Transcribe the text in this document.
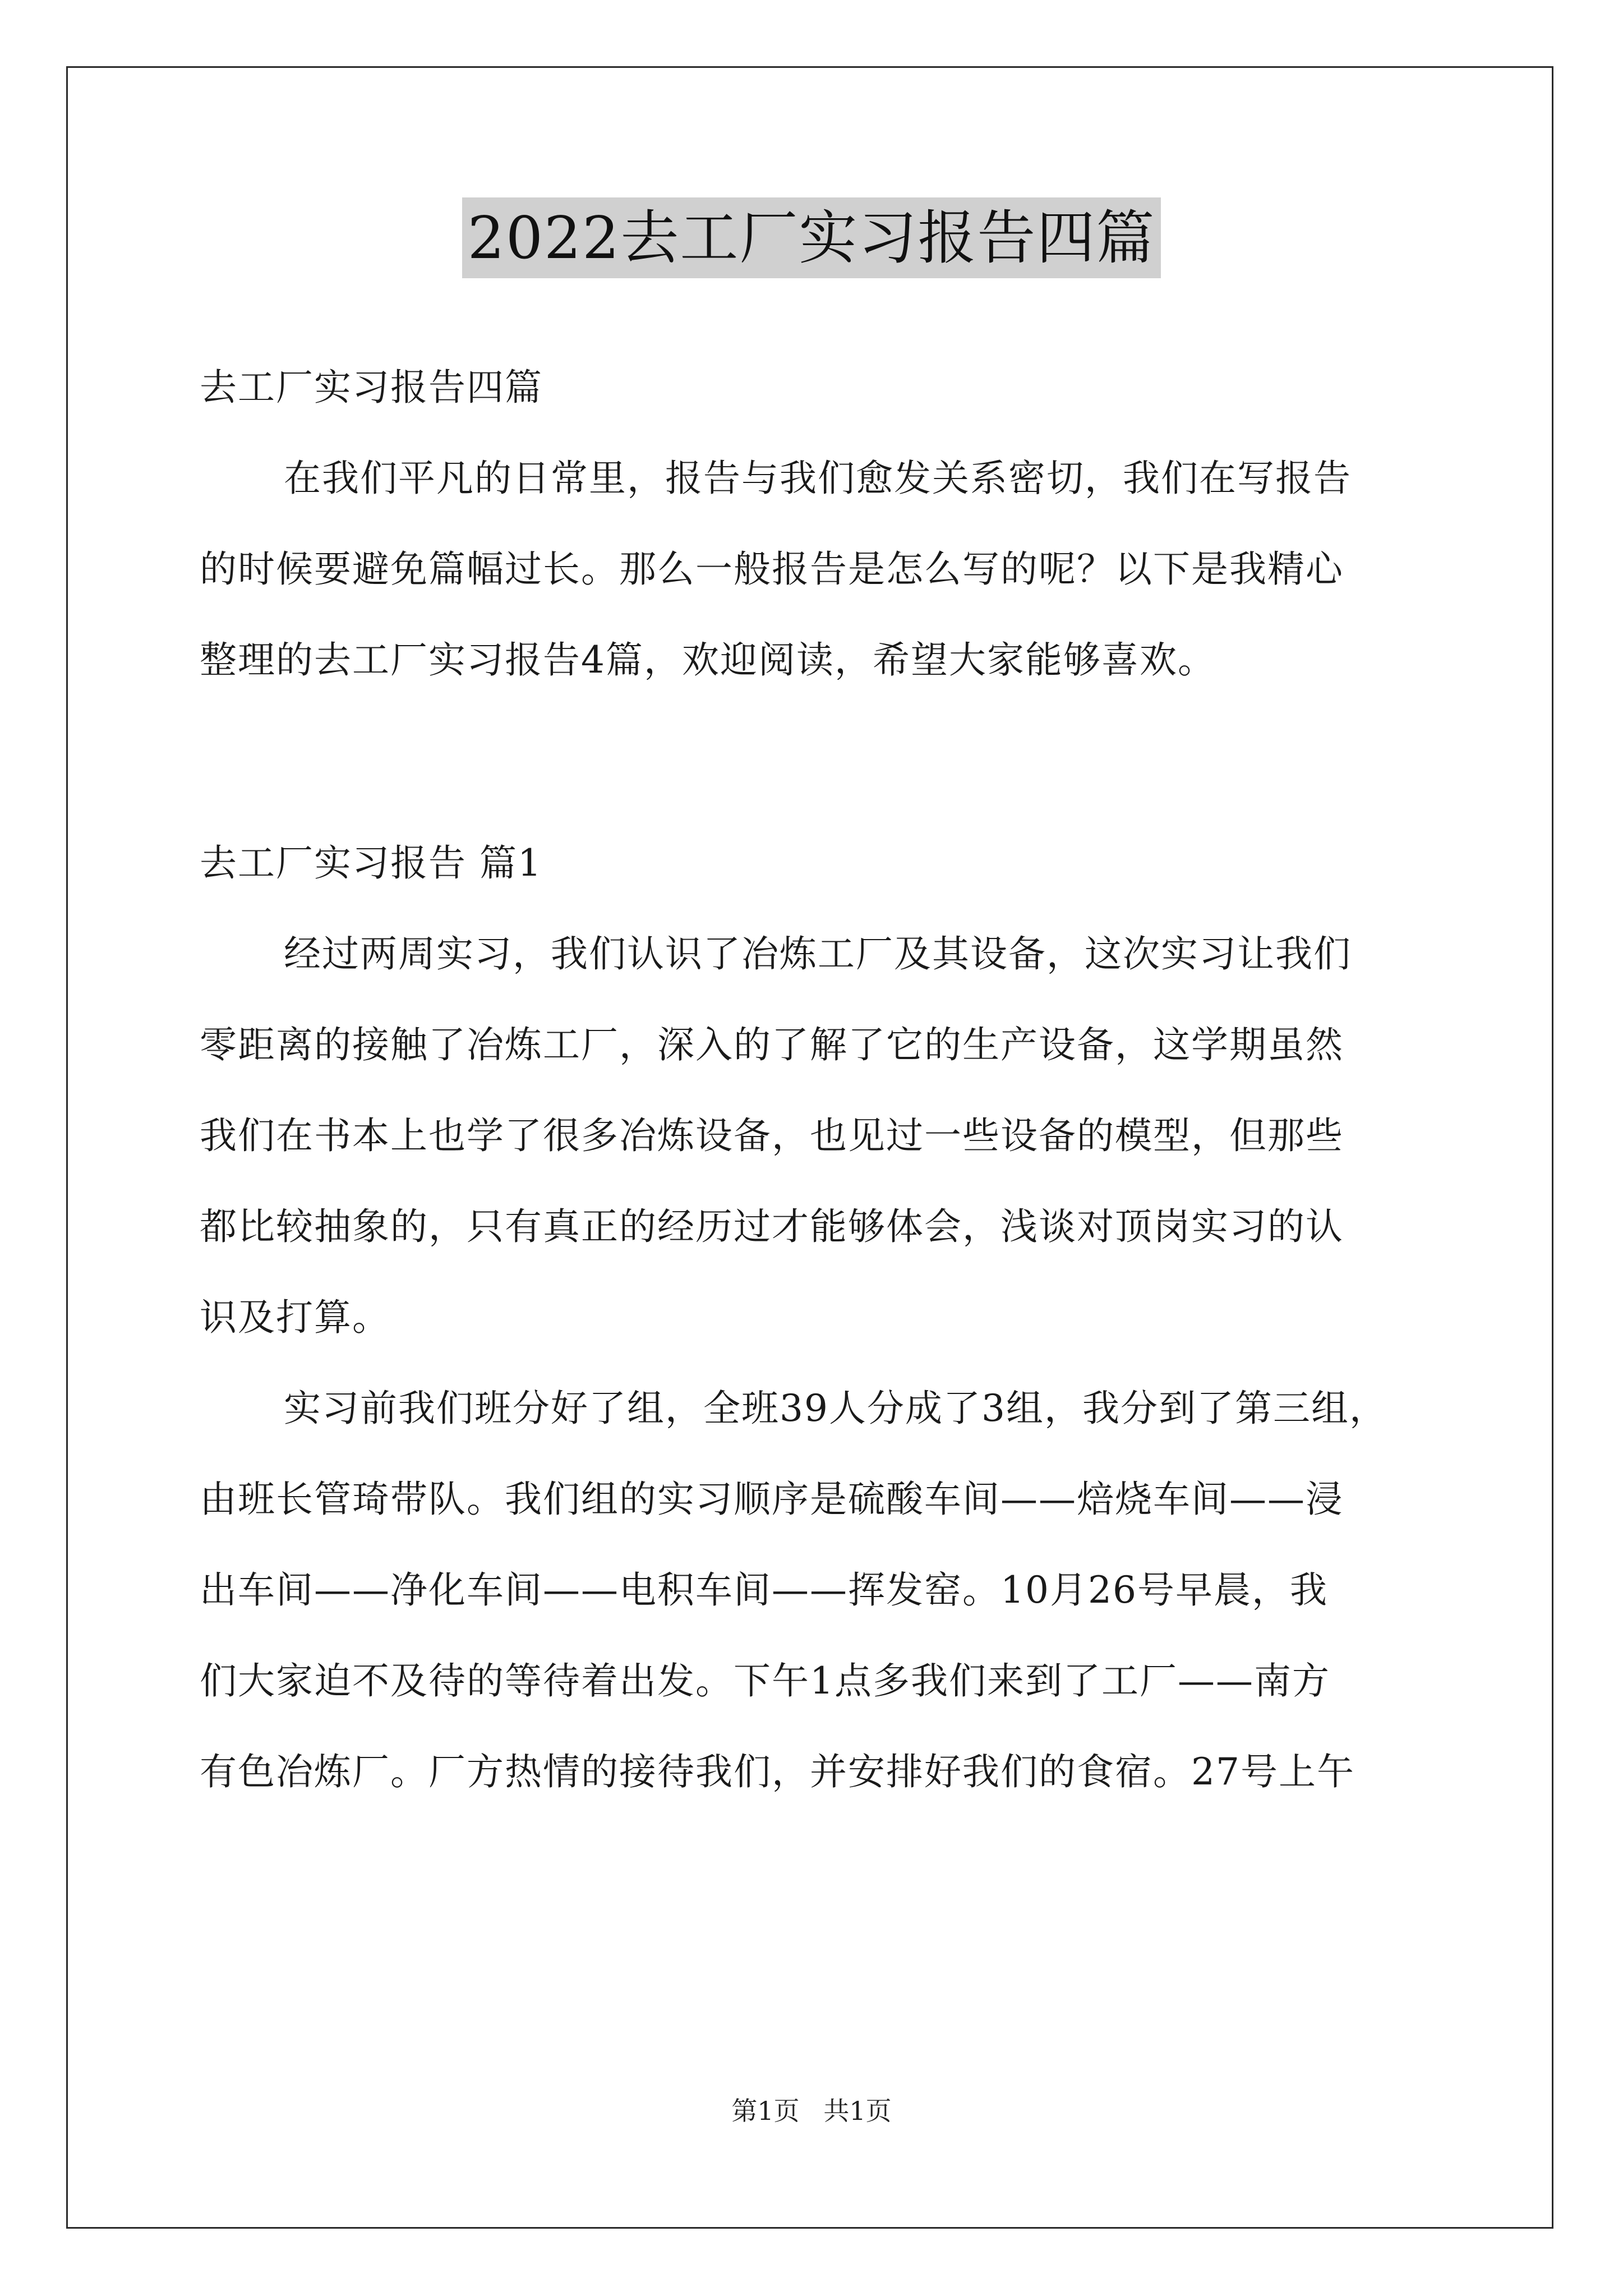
2022去工厂实习报告四篇
去工厂实习报告四篇
在我们平凡的日常里，报告与我们愈发关系密切，我们在写报告
的时候要避免篇幅过长。那么一般报告是怎么写的呢？以下是我精心
整理的去工厂实习报告4篇，欢迎阅读，希望大家能够喜欢。
去工厂实习报告 篇1
经过两周实习，我们认识了冶炼工厂及其设备，这次实习让我们
零距离的接触了冶炼工厂，深入的了解了它的生产设备，这学期虽然
我们在书本上也学了很多冶炼设备，也见过一些设备的模型，但那些
都比较抽象的，只有真正的经历过才能够体会，浅谈对顶岗实习的认
识及打算。
实习前我们班分好了组，全班39人分成了3组，我分到了第三组，
由班长管琦带队。我们组的实习顺序是硫酸车间——焙烧车间——浸
出车间——净化车间——电积车间——挥发窑。10月26号早晨，我
们大家迫不及待的等待着出发。下午1点多我们来到了工厂——南方
有色冶炼厂。厂方热情的接待我们，并安排好我们的食宿。27号上午
第1页 共1页
